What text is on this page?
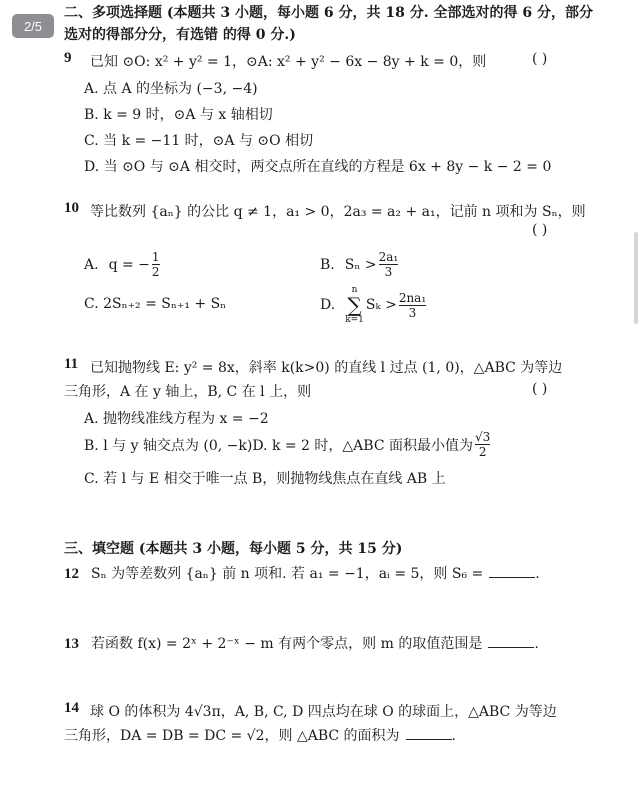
2/5
二、多项选择题 (本题共 3 小题，每小题 6 分，共 18 分. 全部选对的得 6 分，部分
选对的得部分分，有选错 的得 0 分.)
9 已知 ⊙O: x² + y² = 1，⊙A: x² + y² − 6x − 8y + k = 0，则	( )
A. 点 A 的坐标为 (−3, −4)
B. k = 9 时，⊙A 与 x 轴相切
C. 当 k = −11 时，⊙A 与 ⊙O 相切
D. 当 ⊙O 与 ⊙A 相交时，两交点所在直线的方程是 6x + 8y − k − 2 = 0
10 等比数列 {aₙ} 的公比 q ≠ 1，a₁ > 0，2a₃ = a₂ + a₁，记前 n 项和为 Sₙ，则
( )
A. q = − $\frac{1}{2}$	B. $S_n > \frac{\text{2a₁}}{3}$
C. 2Sₙ₊₂ = Sₙ₊₁ + Sₙ	D.
n
∑
k=1
$S_k > \frac{\text{2na₁}}{3}$
11 已知抛物线 E: y² = 8x，斜率 k(k>0) 的直线 l 过点 (1, 0)，△ABC 为等边
三角形，A 在 y 轴上，B, C 在 l 上，则	( )
A. 抛物线准线方程为 x = −2
B. l 与 y 轴交点为 (0, −k)D. k = 2 时，△ABC 面积最小值为 $\frac{√3}{2}$
C. 若 l 与 E 相交于唯一点 B，则抛物线焦点在直线 AB 上
三、填空题 (本题共 3 小题，每小题 5 分，共 15 分)
12 Sₙ 为等差数列 {aₙ} 前 n 项和. 若 a₁ = −1，aᵢ = 5，则 S₆ =	.
13 若函数 f(x) = 2ˣ + 2⁻ˣ − m 有两个零点，则 m 的取值范围是	.
14 球 O 的体积为 4√3π，A, B, C, D 四点均在球 O 的球面上，△ABC 为等边
三角形，DA = DB = DC = √2，则 △ABC 的面积为	.
